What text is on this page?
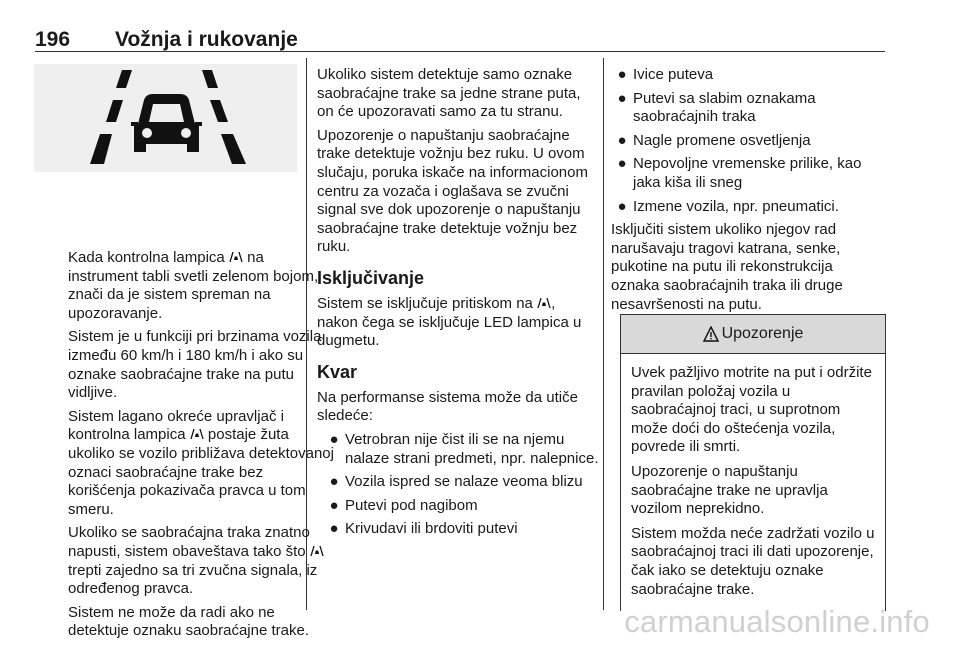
196 Vožnja i rukovanje

Kada kontrolna lampica na instrument tabli svetli zelenom bojom, znači da je sistem spreman na upozoravanje.

Sistem je u funkciji pri brzinama vozila između 60 km/h i 180 km/h i ako su oznake saobraćajne trake na putu vidljive.

Sistem lagano okreće upravljač i kontrolna lampica postaje žuta ukoliko se vozilo približava detektovanoj oznaci saobraćajne trake bez korišćenja pokazivača pravca u tom smeru.

Ukoliko se saobraćajna traka znatno napusti, sistem obaveštava tako što  trepti zajedno sa tri zvučna signala, iz određenog pravca.

Sistem ne može da radi ako ne detektuje oznaku saobraćajne trake.

Ukoliko sistem detektuje samo oznake saobraćajne trake sa jedne strane puta, on će upozoravati samo za tu stranu.

Upozorenje o napuštanju saobraćajne trake detektuje vožnju bez ruku. U ovom slučaju, poruka iskače na informacionom centru za vozača i oglašava se zvučni signal sve dok upozorenje o napuštanju saobraćajne trake detektuje vožnju bez ruku.

Isključivanje

Sistem se isključuje pritiskom na , nakon čega se isključuje LED lampica u dugmetu.

Kvar

Na performanse sistema može da utiče sledeće:

● Vetrobran nije čist ili se na njemu nalaze strani predmeti, npr. nalepnice.
● Vozila ispred se nalaze veoma blizu
● Putevi pod nagibom
● Krivudavi ili brdoviti putevi
● Ivice puteva
● Putevi sa slabim oznakama saobraćajnih traka
● Nagle promene osvetljenja
● Nepovoljne vremenske prilike, kao jaka kiša ili sneg
● Izmene vozila, npr. pneumatici.

Isključiti sistem ukoliko njegov rad narušavaju tragovi katrana, senke, pukotine na putu ili rekonstrukcija oznaka saobraćajnih traka ili druge nesavršenosti na putu.

Upozorenje

Uvek pažljivo motrite na put i održite pravilan položaj vozila u saobraćajnoj traci, u suprotnom može doći do oštećenja vozila, povrede ili smrti.

Upozorenje o napuštanju saobraćajne trake ne upravlja vozilom neprekidno.

Sistem možda neće zadržati vozilo u saobraćajnoj traci ili dati upozorenje, čak iako se detektuju oznake saobraćajne trake.

carmanualsonline.info
